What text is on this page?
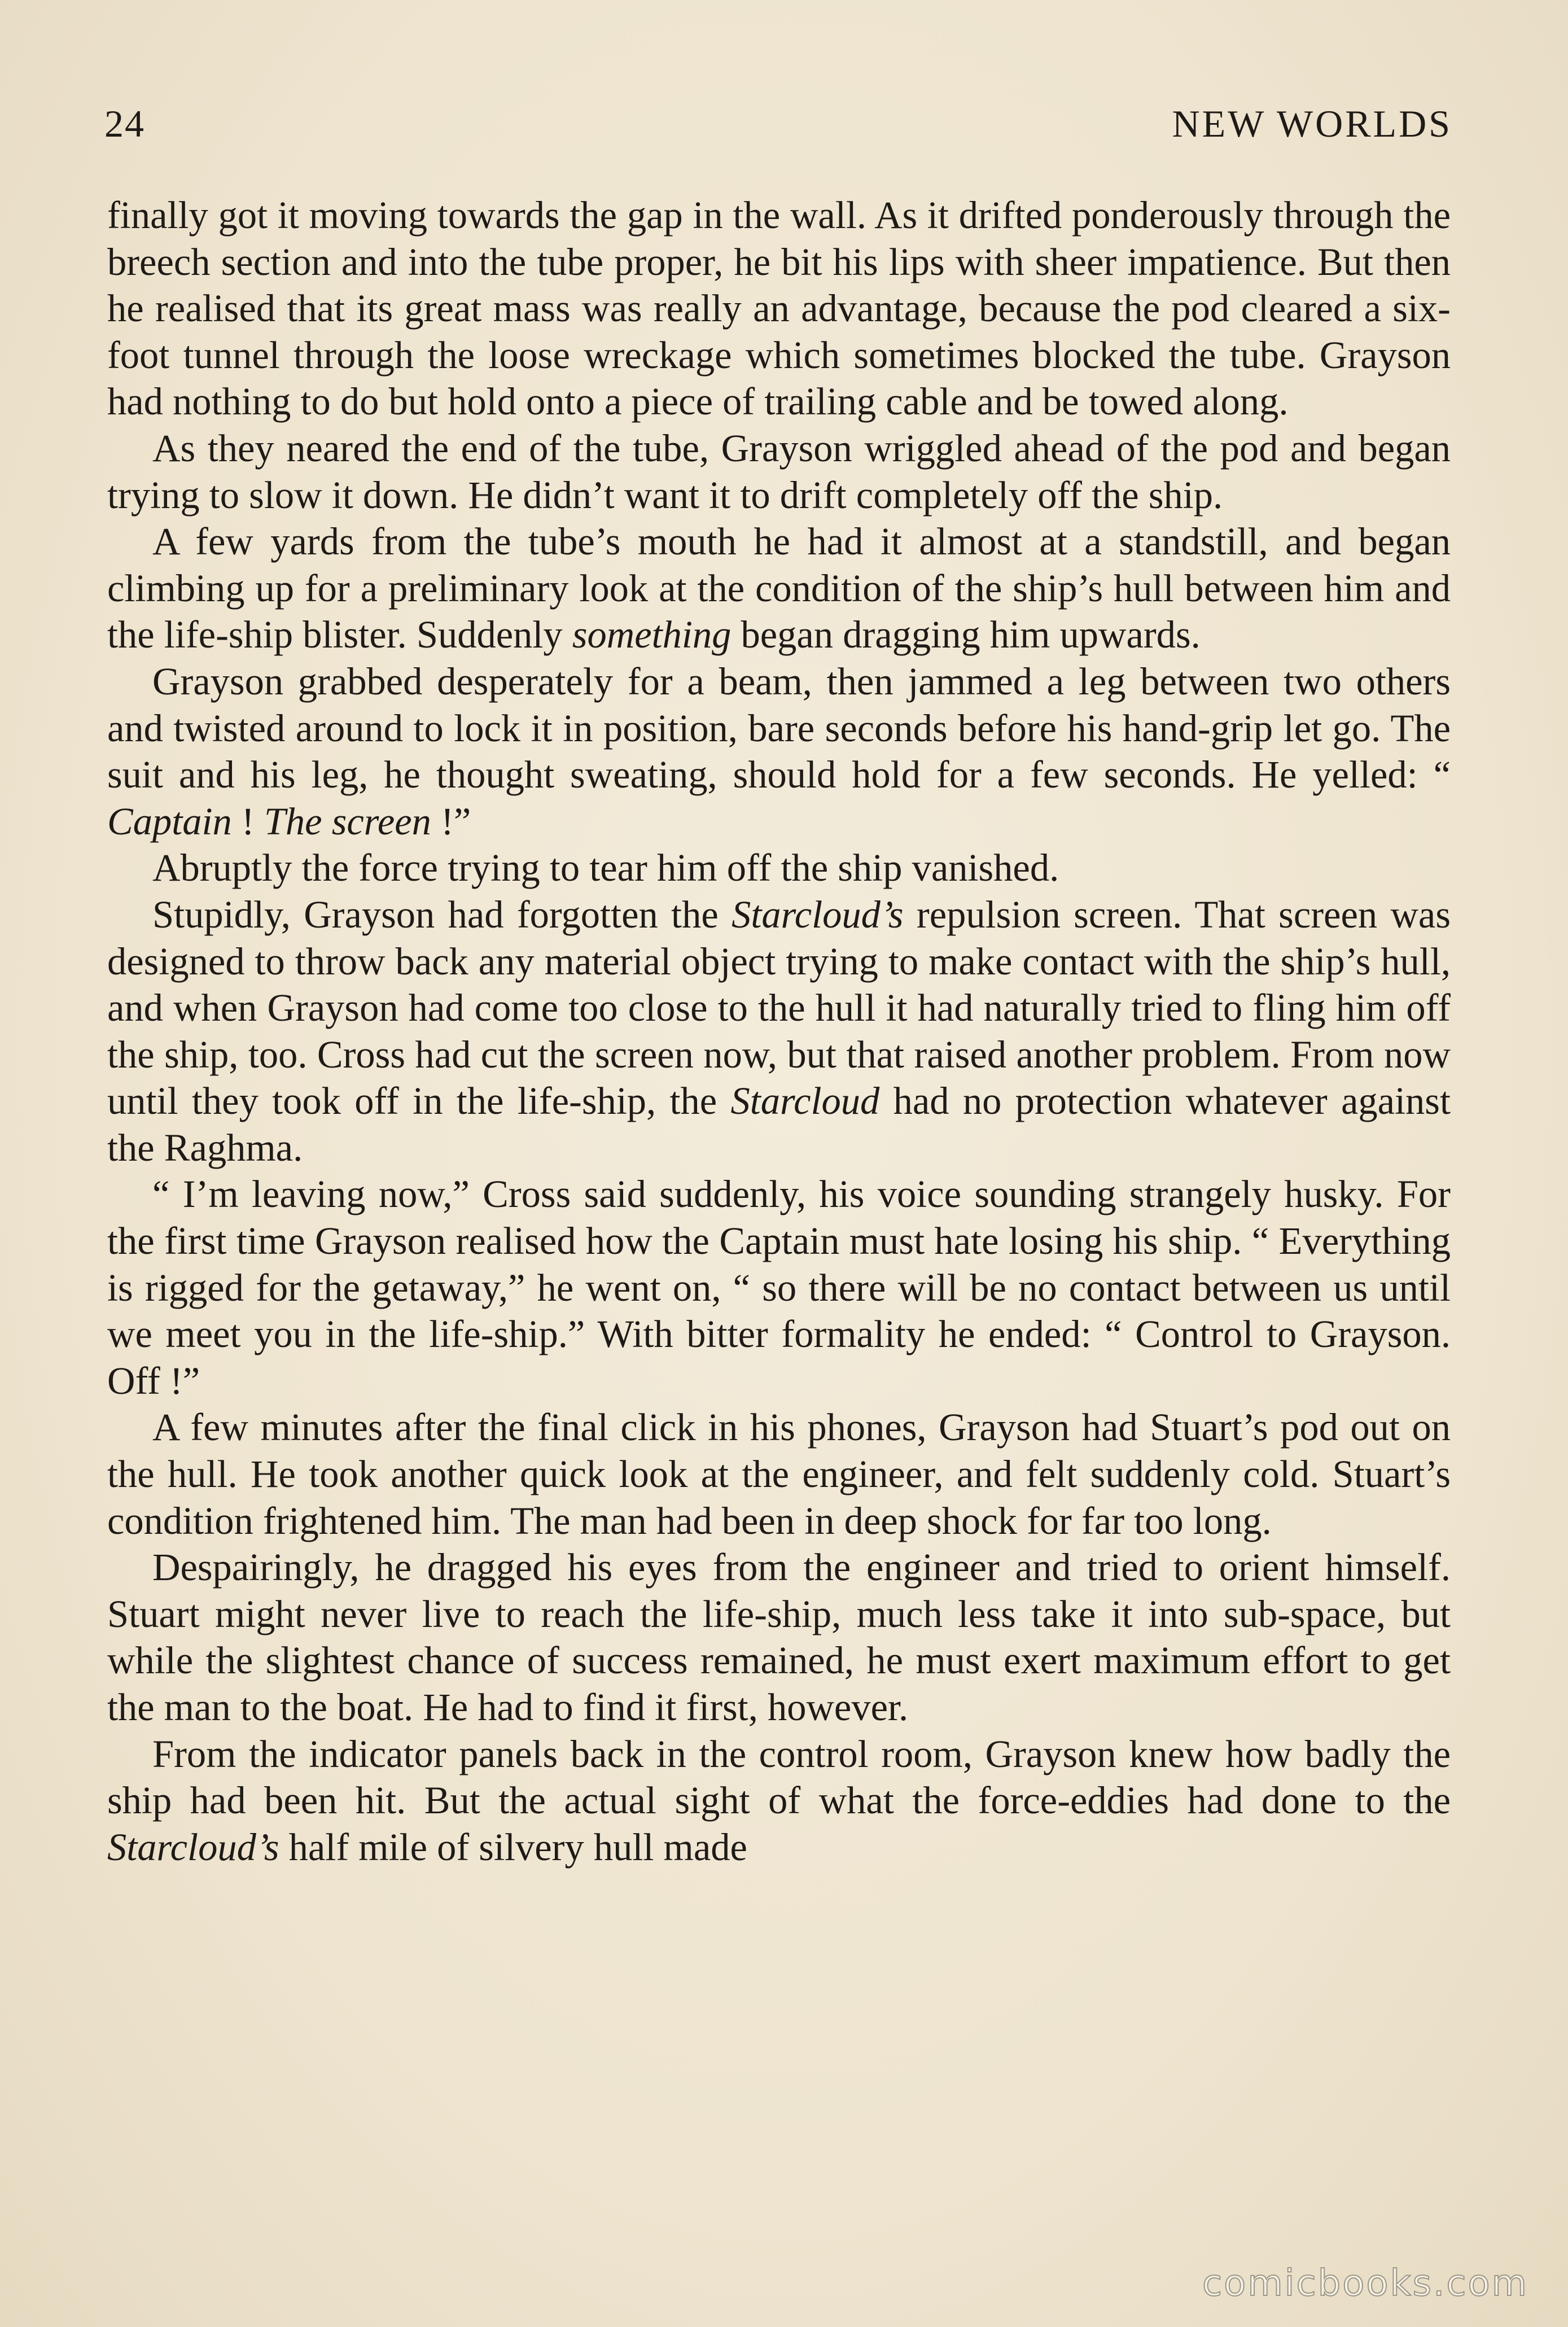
24	NEW WORLDS

finally got it moving towards the gap in the wall. As it drifted ponderously through the breech section and into the tube proper, he bit his lips with sheer impatience. But then he realised that its great mass was really an advantage, because the pod cleared a six-foot tunnel through the loose wreckage which sometimes blocked the tube. Grayson had nothing to do but hold onto a piece of trailing cable and be towed along.

As they neared the end of the tube, Grayson wriggled ahead of the pod and began trying to slow it down. He didn’t want it to drift completely off the ship.

A few yards from the tube’s mouth he had it almost at a standstill, and began climbing up for a preliminary look at the condition of the ship’s hull between him and the life-ship blister. Suddenly something began dragging him upwards.

Grayson grabbed desperately for a beam, then jammed a leg between two others and twisted around to lock it in position, bare seconds before his hand-grip let go. The suit and his leg, he thought sweating, should hold for a few seconds. He yelled: “ Captain ! The screen !”

Abruptly the force trying to tear him off the ship vanished.

Stupidly, Grayson had forgotten the Starcloud’s repulsion screen. That screen was designed to throw back any material object trying to make contact with the ship’s hull, and when Grayson had come too close to the hull it had naturally tried to fling him off the ship, too. Cross had cut the screen now, but that raised another problem. From now until they took off in the life-ship, the Starcloud had no protection whatever against the Raghma.

“ I’m leaving now,” Cross said suddenly, his voice sounding strangely husky. For the first time Grayson realised how the Captain must hate losing his ship. “ Everything is rigged for the getaway,” he went on, “ so there will be no contact between us until we meet you in the life-ship.” With bitter formality he ended: “ Control to Grayson. Off !”

A few minutes after the final click in his phones, Grayson had Stuart’s pod out on the hull. He took another quick look at the engineer, and felt suddenly cold. Stuart’s condition frightened him. The man had been in deep shock for far too long.

Despairingly, he dragged his eyes from the engineer and tried to orient himself. Stuart might never live to reach the life-ship, much less take it into sub-space, but while the slightest chance of success remained, he must exert maximum effort to get the man to the boat. He had to find it first, however.

From the indicator panels back in the control room, Grayson knew how badly the ship had been hit. But the actual sight of what the force-eddies had done to the Starcloud’s half mile of silvery hull made

comicbooks.com
